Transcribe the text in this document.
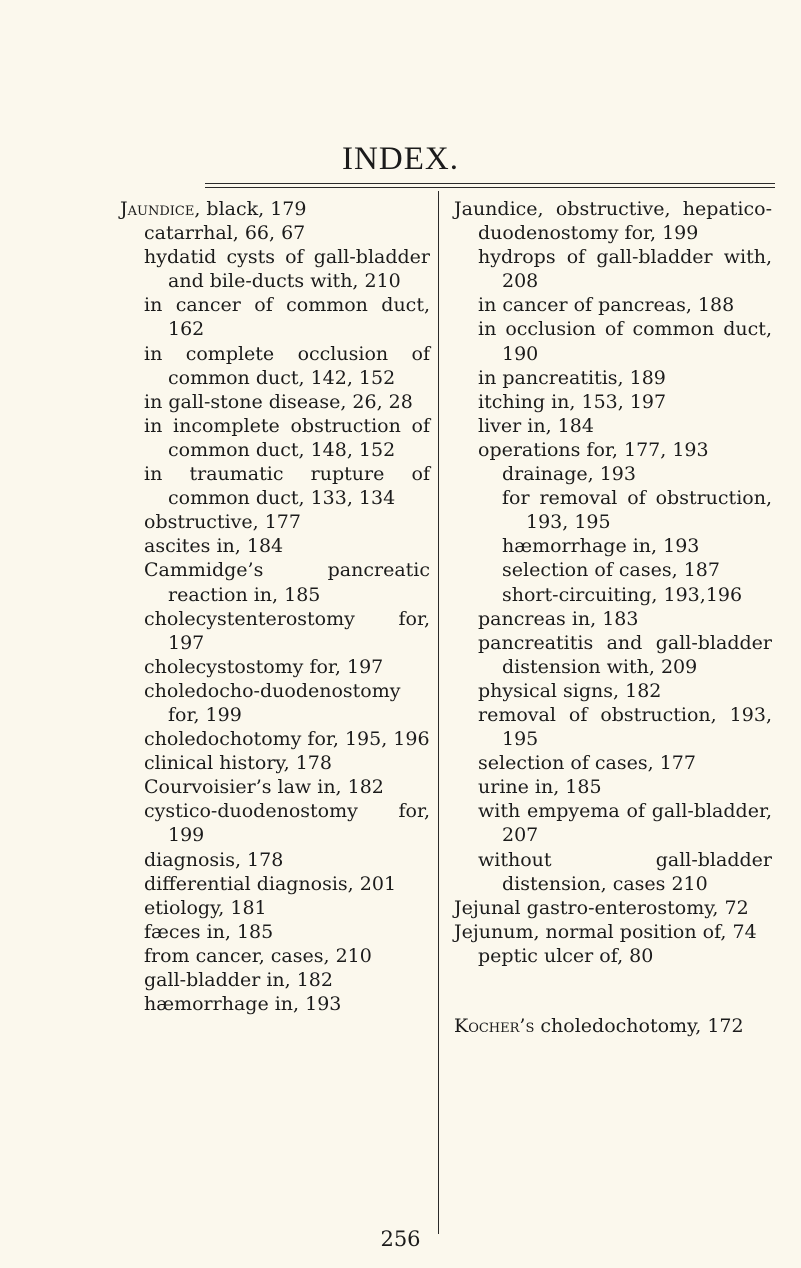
INDEX.

Jaundice, black, 179

catarrhal, 66, 67

hydatid cysts of gall-bladder and bile-ducts with, 210

in cancer of common duct, 162

in complete occlusion of common duct, 142, 152

in gall-stone disease, 26, 28

in incomplete obstruction of common duct, 148, 152

in traumatic rupture of common duct, 133, 134

obstructive, 177

ascites in, 184

Cammidge’s pancreatic reaction in, 185

cholecystenterostomy for, 197

cholecystostomy for, 197

choledocho-duodenostomy for, 199

choledochotomy for, 195, 196

clinical history, 178

Courvoisier’s law in, 182

cystico-duodenostomy for, 199

diagnosis, 178

differential diagnosis, 201

etiology, 181

fæces in, 185

from cancer, cases, 210

gall-bladder in, 182

hæmorrhage in, 193

Jaundice, obstructive, hepatico-duodenostomy for, 199

hydrops of gall-bladder with, 208

in cancer of pancreas, 188

in occlusion of common duct, 190

in pancreatitis, 189

itching in, 153, 197

liver in, 184

operations for, 177, 193

drainage, 193

for removal of obstruction, 193, 195

hæmorrhage in, 193

selection of cases, 187

short-circuiting, 193,196

pancreas in, 183

pancreatitis and gall-bladder distension with, 209

physical signs, 182

removal of obstruction, 193, 195

selection of cases, 177

urine in, 185

with empyema of gall-bladder, 207

without gall-bladder distension, cases 210

Jejunal gastro-enterostomy, 72

Jejunum, normal position of, 74

peptic ulcer of, 80

Kocher’s choledochotomy, 172

256
